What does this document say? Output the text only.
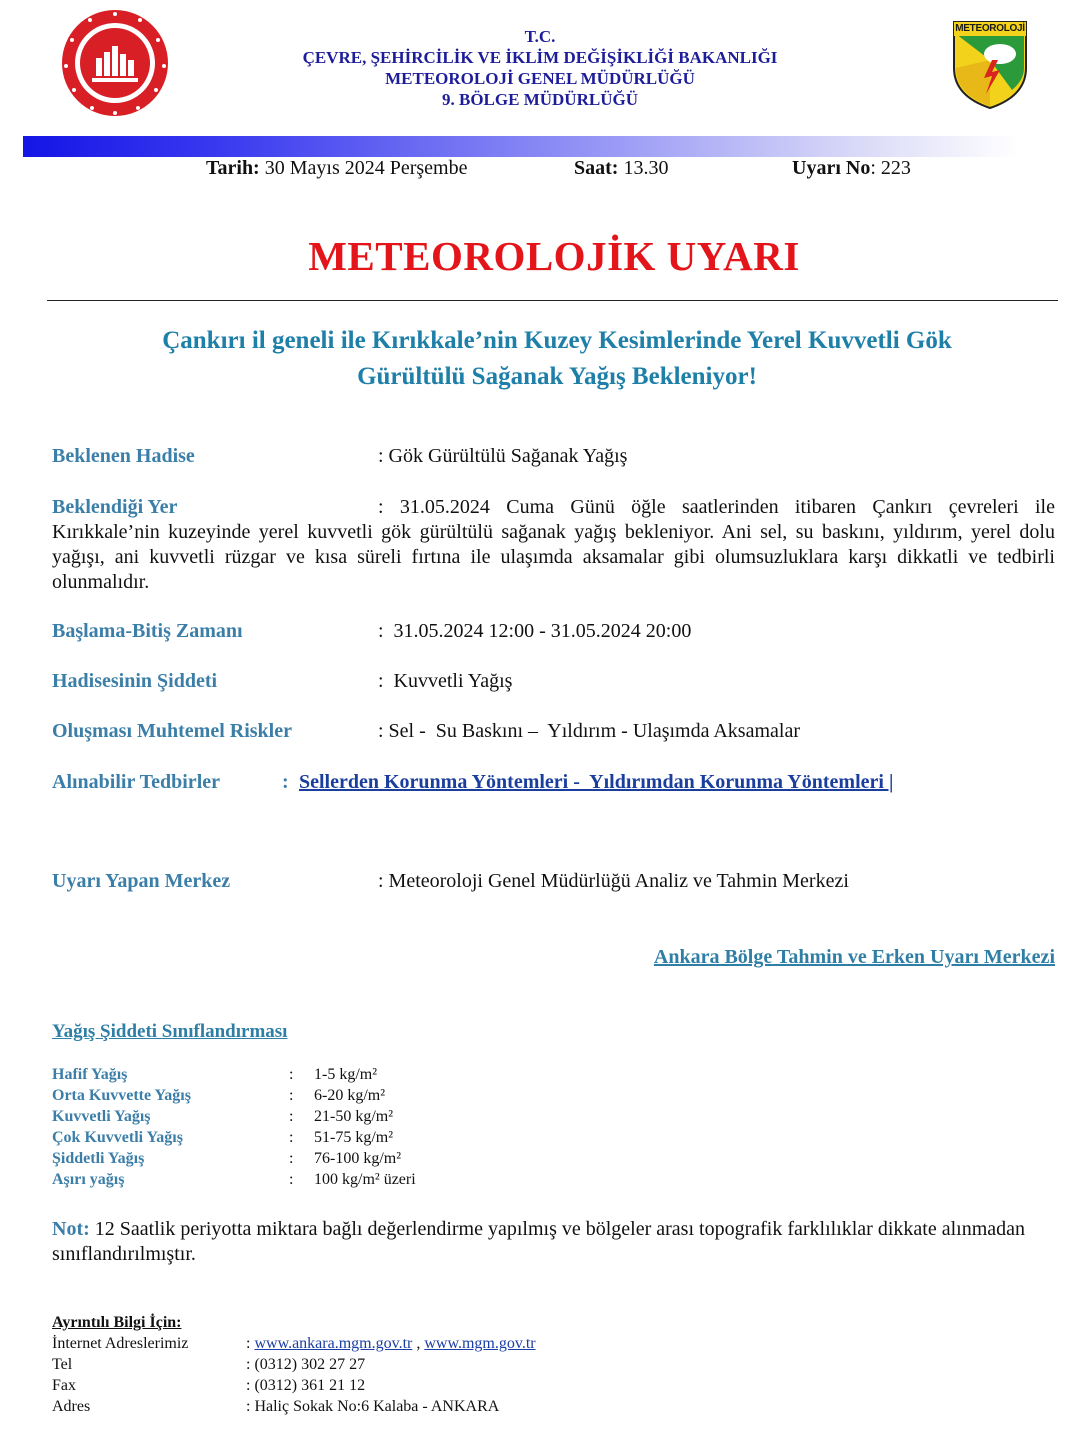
T.C.
ÇEVRE, ŞEHİRCİLİK VE İKLİM DEĞİŞİKLİĞİ BAKANLIĞI
METEOROLOJİ GENEL MÜDÜRLÜĞÜ
9. BÖLGE MÜDÜRLÜĞÜ
METEOROLOJİ
Tarih: 30 Mayıs 2024 Perşembe	Saat: 13.30	Uyarı No: 223
METEOROLOJİK UYARI
Çankırı il geneli ile Kırıkkale’nin Kuzey Kesimlerinde Yerel Kuvvetli Gök
Gürültülü Sağanak Yağış Bekleniyor!
Beklenen Hadise	: Gök Gürültülü Sağanak Yağış
Beklendiği Yer	: 31.05.2024 Cuma Günü öğle saatlerinden itibaren Çankırı çevreleri ile
Kırıkkale’nin kuzeyinde yerel kuvvetli gök gürültülü sağanak yağış bekleniyor. Ani sel, su baskını, yıldırım, yerel dolu yağışı, ani kuvvetli rüzgar ve kısa süreli fırtına ile ulaşımda aksamalar gibi olumsuzluklara karşı dikkatli ve tedbirli olunmalıdır.
Başlama-Bitiş Zamanı	:  31.05.2024 12:00 - 31.05.2024 20:00
Hadisesinin Şiddeti	:  Kuvvetli Yağış
Oluşması Muhtemel Riskler	: Sel -  Su Baskını –  Yıldırım - Ulaşımda Aksamalar
Alınabilir Tedbirler	: Sellerden Korunma Yöntemleri -  Yıldırımdan Korunma Yöntemleri |
Uyarı Yapan Merkez	: Meteoroloji Genel Müdürlüğü Analiz ve Tahmin Merkezi
Ankara Bölge Tahmin ve Erken Uyarı Merkezi
Yağış Şiddeti Sınıflandırması
Hafif Yağış	: 1-5 kg/m²
Orta Kuvvette Yağış	: 6-20 kg/m²
Kuvvetli Yağış	: 21-50 kg/m²
Çok Kuvvetli Yağış	: 51-75 kg/m²
Şiddetli Yağış	: 76-100 kg/m²
Aşırı yağış	: 100 kg/m² üzeri
Not: 12 Saatlik periyotta miktara bağlı değerlendirme yapılmış ve bölgeler arası topografik farklılıklar dikkate alınmadan sınıflandırılmıştır.
Ayrıntılı Bilgi İçin:
İnternet Adreslerimiz	: www.ankara.mgm.gov.tr , www.mgm.gov.tr
Tel	: (0312) 302 27 27
Fax	: (0312) 361 21 12
Adres	: Haliç Sokak No:6 Kalaba - ANKARA
